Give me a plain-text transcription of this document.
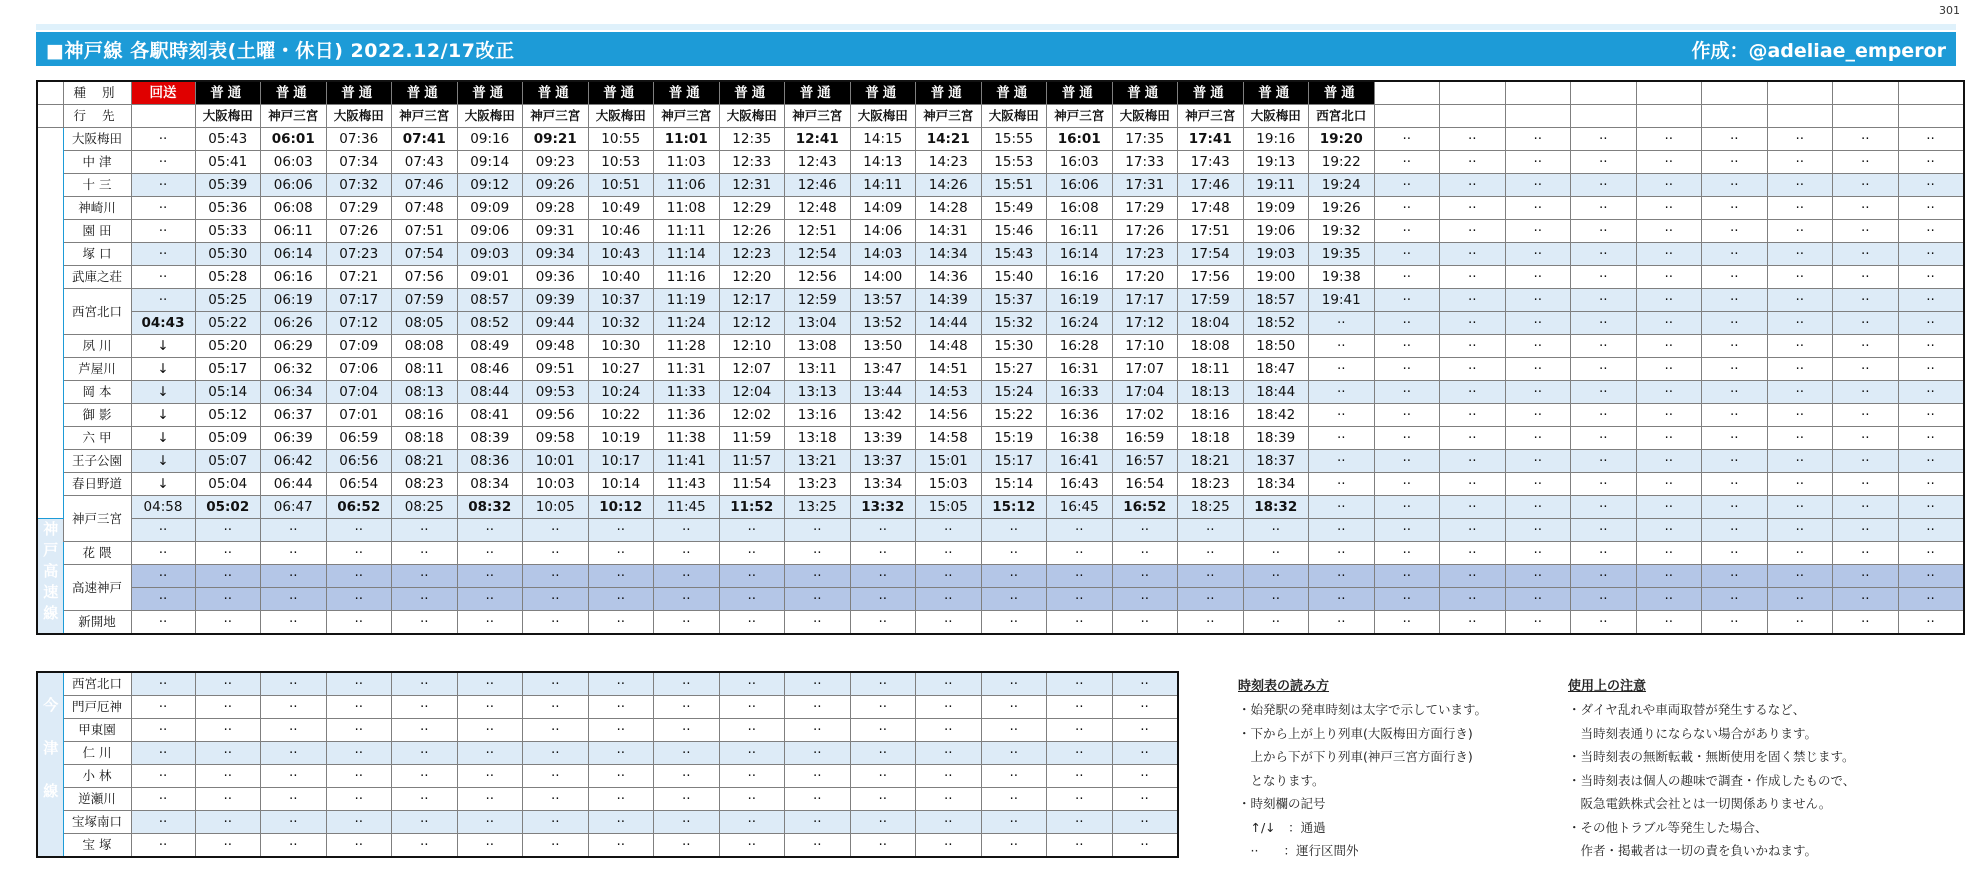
301
■神戸線 各駅時刻表(土曜・休日) 2022.12/17改正	作成：@adeliae_emperor
	種 別	回送	普通	普通	普通	普通	普通	普通	普通	普通	普通	普通	普通	普通	普通	普通	普通	普通	普通	普通									
	行 先		大阪梅田	神戸三宮	大阪梅田	神戸三宮	大阪梅田	神戸三宮	大阪梅田	神戸三宮	大阪梅田	神戸三宮	大阪梅田	神戸三宮	大阪梅田	神戸三宮	大阪梅田	神戸三宮	大阪梅田	西宮北口									
神戸本線	大阪梅田	··	05:43	06:01	07:36	07:41	09:16	09:21	10:55	11:01	12:35	12:41	14:15	14:21	15:55	16:01	17:35	17:41	19:16	19:20	··	··	··	··	··	··	··	··	··
	中 津	··	05:41	06:03	07:34	07:43	09:14	09:23	10:53	11:03	12:33	12:43	14:13	14:23	15:53	16:03	17:33	17:43	19:13	19:22	··	··	··	··	··	··	··	··	··
	十 三	··	05:39	06:06	07:32	07:46	09:12	09:26	10:51	11:06	12:31	12:46	14:11	14:26	15:51	16:06	17:31	17:46	19:11	19:24	··	··	··	··	··	··	··	··	··
	神崎川	··	05:36	06:08	07:29	07:48	09:09	09:28	10:49	11:08	12:29	12:48	14:09	14:28	15:49	16:08	17:29	17:48	19:09	19:26	··	··	··	··	··	··	··	··	··
	園 田	··	05:33	06:11	07:26	07:51	09:06	09:31	10:46	11:11	12:26	12:51	14:06	14:31	15:46	16:11	17:26	17:51	19:06	19:32	··	··	··	··	··	··	··	··	··
	塚 口	··	05:30	06:14	07:23	07:54	09:03	09:34	10:43	11:14	12:23	12:54	14:03	14:34	15:43	16:14	17:23	17:54	19:03	19:35	··	··	··	··	··	··	··	··	··
	武庫之荘	··	05:28	06:16	07:21	07:56	09:01	09:36	10:40	11:16	12:20	12:56	14:00	14:36	15:40	16:16	17:20	17:56	19:00	19:38	··	··	··	··	··	··	··	··	··
	西宮北口	··	05:25	06:19	07:17	07:59	08:57	09:39	10:37	11:19	12:17	12:59	13:57	14:39	15:37	16:19	17:17	17:59	18:57	19:41	··	··	··	··	··	··	··	··	··
		04:43	05:22	06:26	07:12	08:05	08:52	09:44	10:32	11:24	12:12	13:04	13:52	14:44	15:32	16:24	17:12	18:04	18:52	··	··	··	··	··	··	··	··	··	··
	夙 川	↓	05:20	06:29	07:09	08:08	08:49	09:48	10:30	11:28	12:10	13:08	13:50	14:48	15:30	16:28	17:10	18:08	18:50	··	··	··	··	··	··	··	··	··	··
	芦屋川	↓	05:17	06:32	07:06	08:11	08:46	09:51	10:27	11:31	12:07	13:11	13:47	14:51	15:27	16:31	17:07	18:11	18:47	··	··	··	··	··	··	··	··	··	··
	岡 本	↓	05:14	06:34	07:04	08:13	08:44	09:53	10:24	11:33	12:04	13:13	13:44	14:53	15:24	16:33	17:04	18:13	18:44	··	··	··	··	··	··	··	··	··	··
	御 影	↓	05:12	06:37	07:01	08:16	08:41	09:56	10:22	11:36	12:02	13:16	13:42	14:56	15:22	16:36	17:02	18:16	18:42	··	··	··	··	··	··	··	··	··	··
	六 甲	↓	05:09	06:39	06:59	08:18	08:39	09:58	10:19	11:38	11:59	13:18	13:39	14:58	15:19	16:38	16:59	18:18	18:39	··	··	··	··	··	··	··	··	··	··
	王子公園	↓	05:07	06:42	06:56	08:21	08:36	10:01	10:17	11:41	11:57	13:21	13:37	15:01	15:17	16:41	16:57	18:21	18:37	··	··	··	··	··	··	··	··	··	··
	春日野道	↓	05:04	06:44	06:54	08:23	08:34	10:03	10:14	11:43	11:54	13:23	13:34	15:03	15:14	16:43	16:54	18:23	18:34	··	··	··	··	··	··	··	··	··	··
	神戸三宮	04:58	05:02	06:47	06:52	08:25	08:32	10:05	10:12	11:45	11:52	13:25	13:32	15:05	15:12	16:45	16:52	18:25	18:32	··	··	··	··	··	··	··	··	··	··
神戸高速線		··	··	··	··	··	··	··	··	··	··	··	··	··	··	··	··	··	··	··	··	··	··	··	··	··	··	··	··
	花 隈	··	··	··	··	··	··	··	··	··	··	··	··	··	··	··	··	··	··	··	··	··	··	··	··	··	··	··	··
	高速神戸	··	··	··	··	··	··	··	··	··	··	··	··	··	··	··	··	··	··	··	··	··	··	··	··	··	··	··	··
		··	··	··	··	··	··	··	··	··	··	··	··	··	··	··	··	··	··	··	··	··	··	··	··	··	··	··	··
	新開地	··	··	··	··	··	··	··	··	··	··	··	··	··	··	··	··	··	··	··	··	··	··	··	··	··	··	··	··
今津線	西宮北口	··	··	··	··	··	··	··	··	··	··	··	··	··	··	··	··
	門戸厄神	··	··	··	··	··	··	··	··	··	··	··	··	··	··	··	··
	甲東園	··	··	··	··	··	··	··	··	··	··	··	··	··	··	··	··
	仁 川	··	··	··	··	··	··	··	··	··	··	··	··	··	··	··	··
	小 林	··	··	··	··	··	··	··	··	··	··	··	··	··	··	··	··
	逆瀬川	··	··	··	··	··	··	··	··	··	··	··	··	··	··	··	··
	宝塚南口	··	··	··	··	··	··	··	··	··	··	··	··	··	··	··	··
	宝 塚	··	··	··	··	··	··	··	··	··	··	··	··	··	··	··	··
時刻表の読み方
・始発駅の発車時刻は太字で示しています。
・下から上が上り列車(大阪梅田方面行き)
　上から下が下り列車(神戸三宮方面行き)
　となります。
・時刻欄の記号
　↑/↓　：通過
　··　　：運行区間外
使用上の注意
・ダイヤ乱れや車両取替が発生するなど、
　当時刻表通りにならない場合があります。
・当時刻表の無断転載・無断使用を固く禁じます。
・当時刻表は個人の趣味で調査・作成したもので、
　阪急電鉄株式会社とは一切関係ありません。
・その他トラブル等発生した場合、
　作者・掲載者は一切の責を負いかねます。
